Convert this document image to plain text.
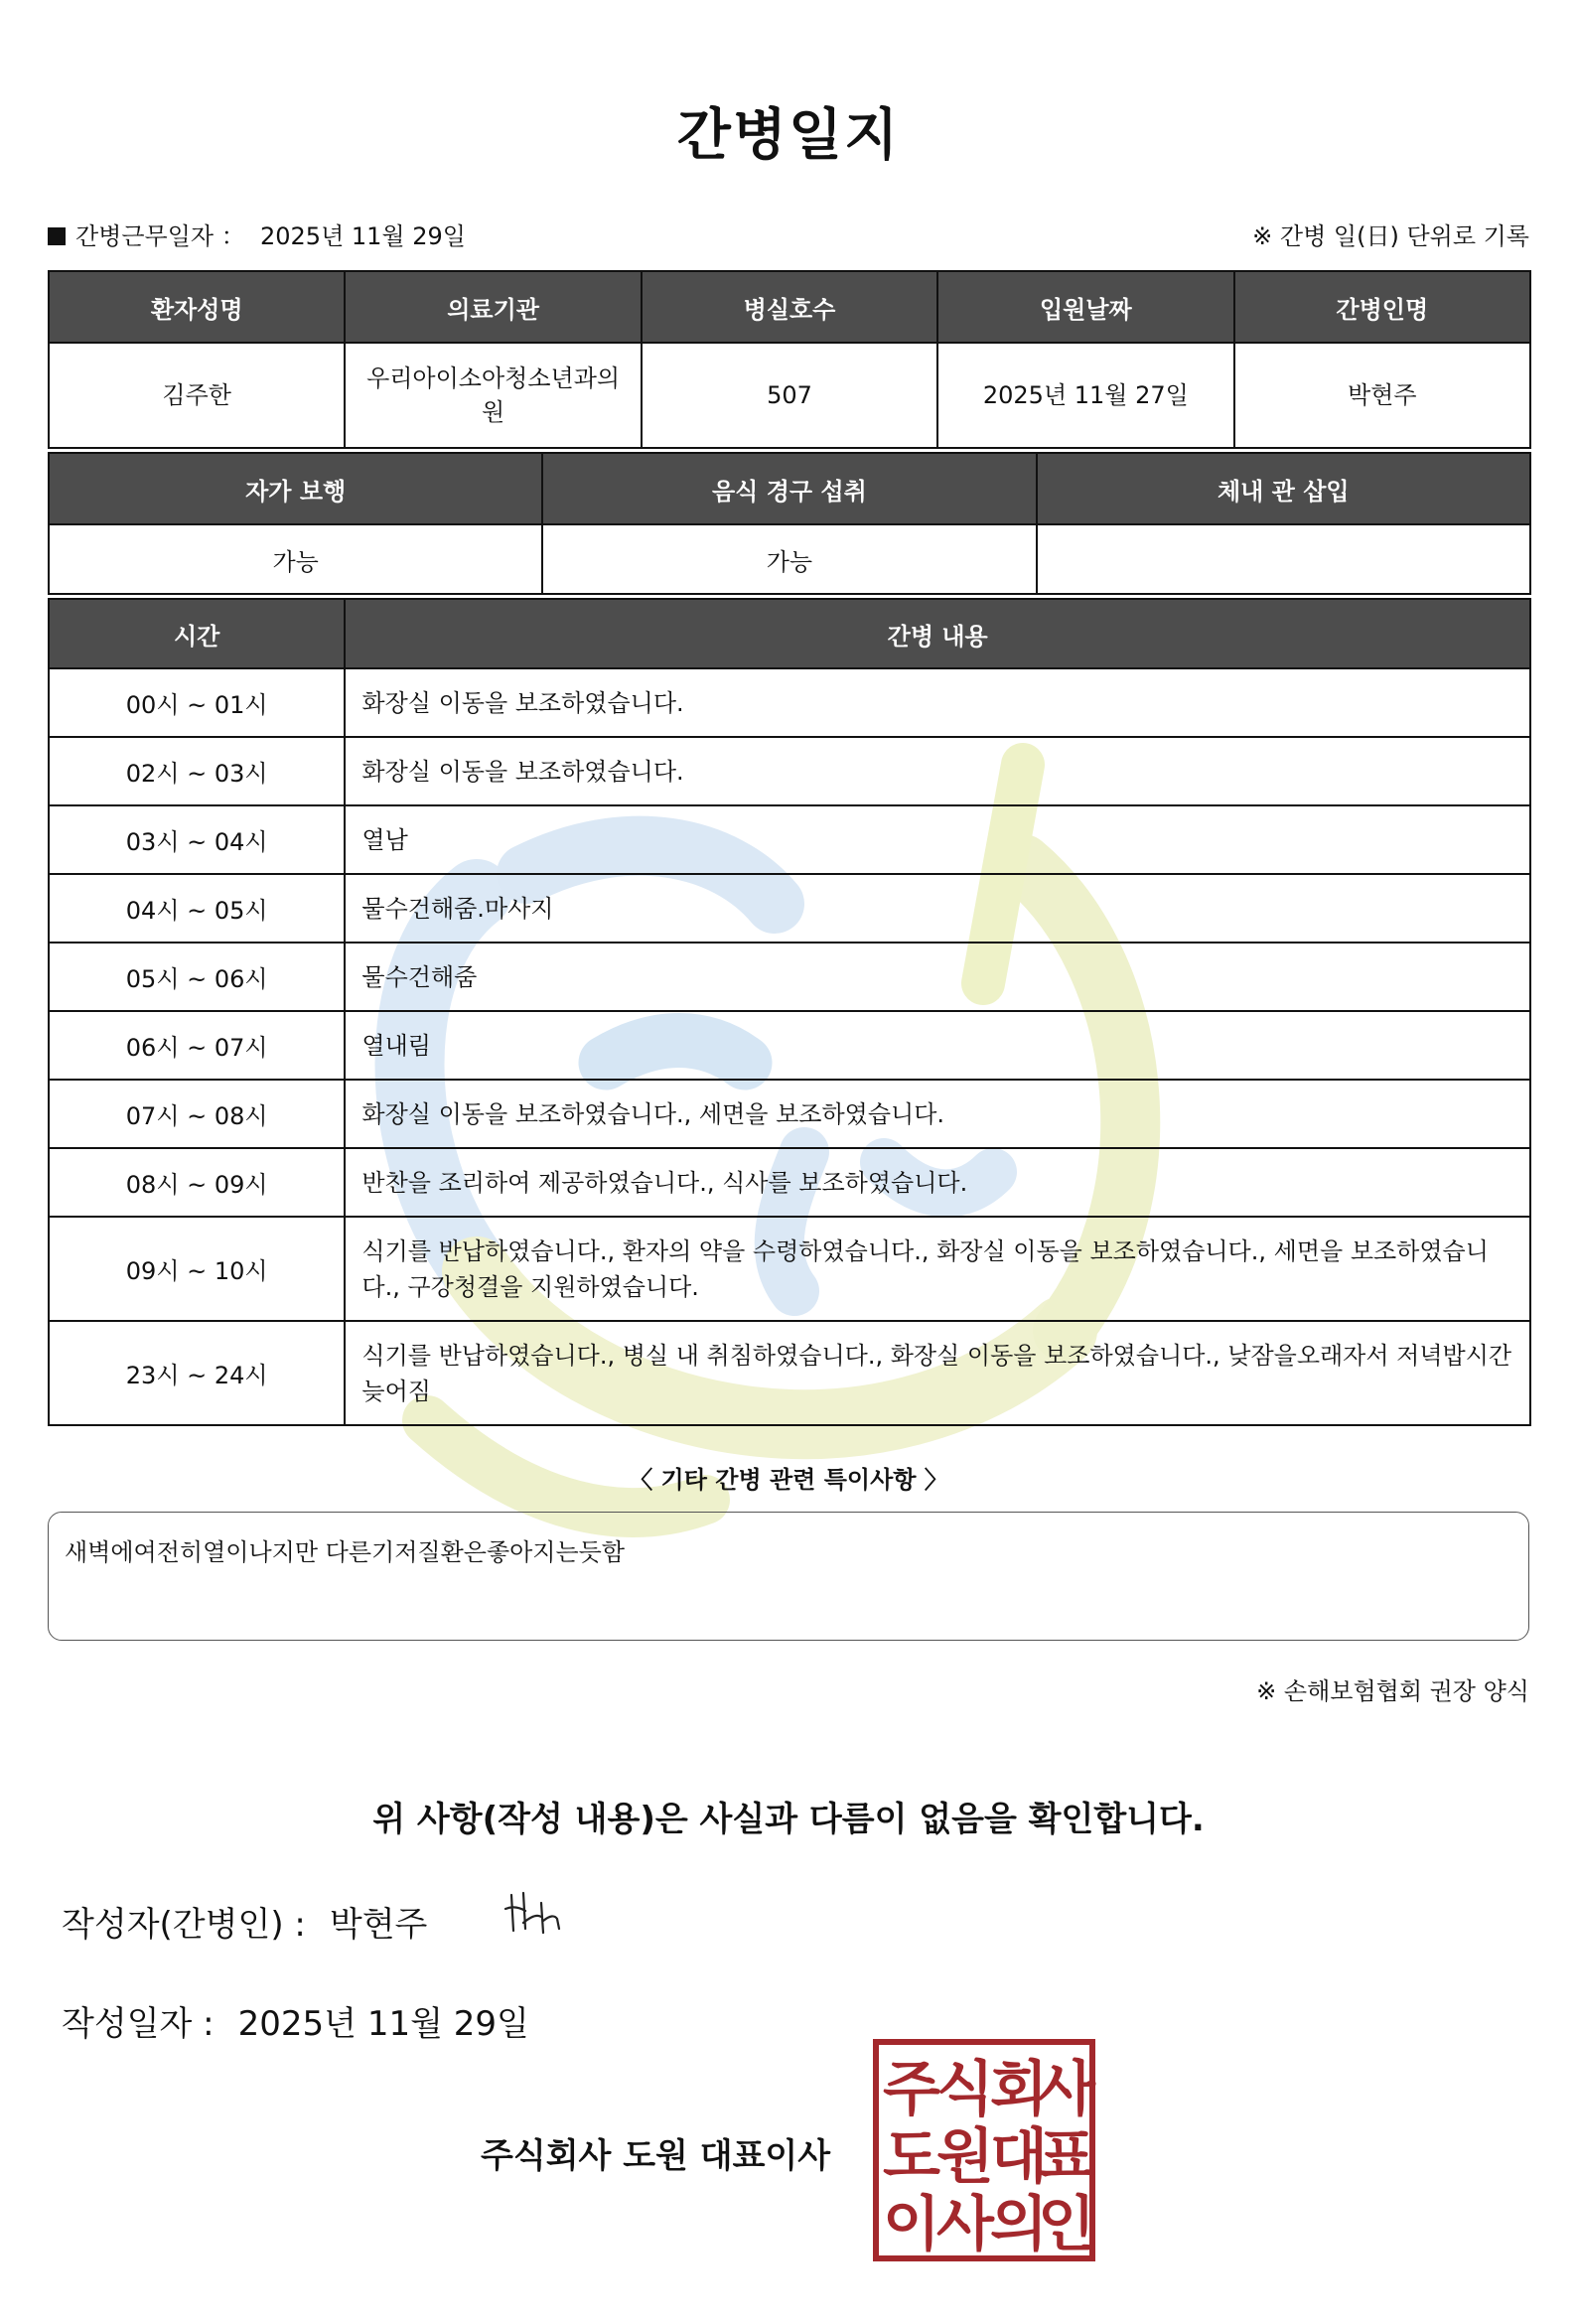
간병일지
간병근무일자 ： 2025년 11월 29일	※ 간병 일(日) 단위로 기록
환자성명	의료기관	병실호수	입원날짜	간병인명
김주한	우리아이소아청소년과의원	507	2025년 11월 27일	박현주
자가 보행	음식 경구 섭취	체내 관 삽입
가능	가능	
시간	간병 내용
00시 ~ 01시	화장실 이동을 보조하였습니다.
02시 ~ 03시	화장실 이동을 보조하였습니다.
03시 ~ 04시	열남
04시 ~ 05시	물수건해줌.마사지
05시 ~ 06시	물수건해줌
06시 ~ 07시	열내림
07시 ~ 08시	화장실 이동을 보조하였습니다., 세면을 보조하였습니다.
08시 ~ 09시	반찬을 조리하여 제공하였습니다., 식사를 보조하였습니다.
09시 ~ 10시	식기를 반납하였습니다., 환자의 약을 수령하였습니다., 화장실 이동을 보조하였습니다., 세면을 보조하였습니다., 구강청결을 지원하였습니다.
23시 ~ 24시	식기를 반납하였습니다., 병실 내 취침하였습니다., 화장실 이동을 보조하였습니다., 낮잠을오래자서 저녁밥시간 늦어짐
〈 기타 간병 관련 특이사항 〉
새벽에여전히열이나지만 다른기저질환은좋아지는듯함
※ 손해보험협회 권장 양식
위 사항(작성 내용)은 사실과 다름이 없음을 확인합니다.
작성자(간병인) : 박현주
작성일자 : 2025년 11월 29일
주식회사 도원 대표이사
주
식
회
사
도
원
대
표
이
사
의
인
